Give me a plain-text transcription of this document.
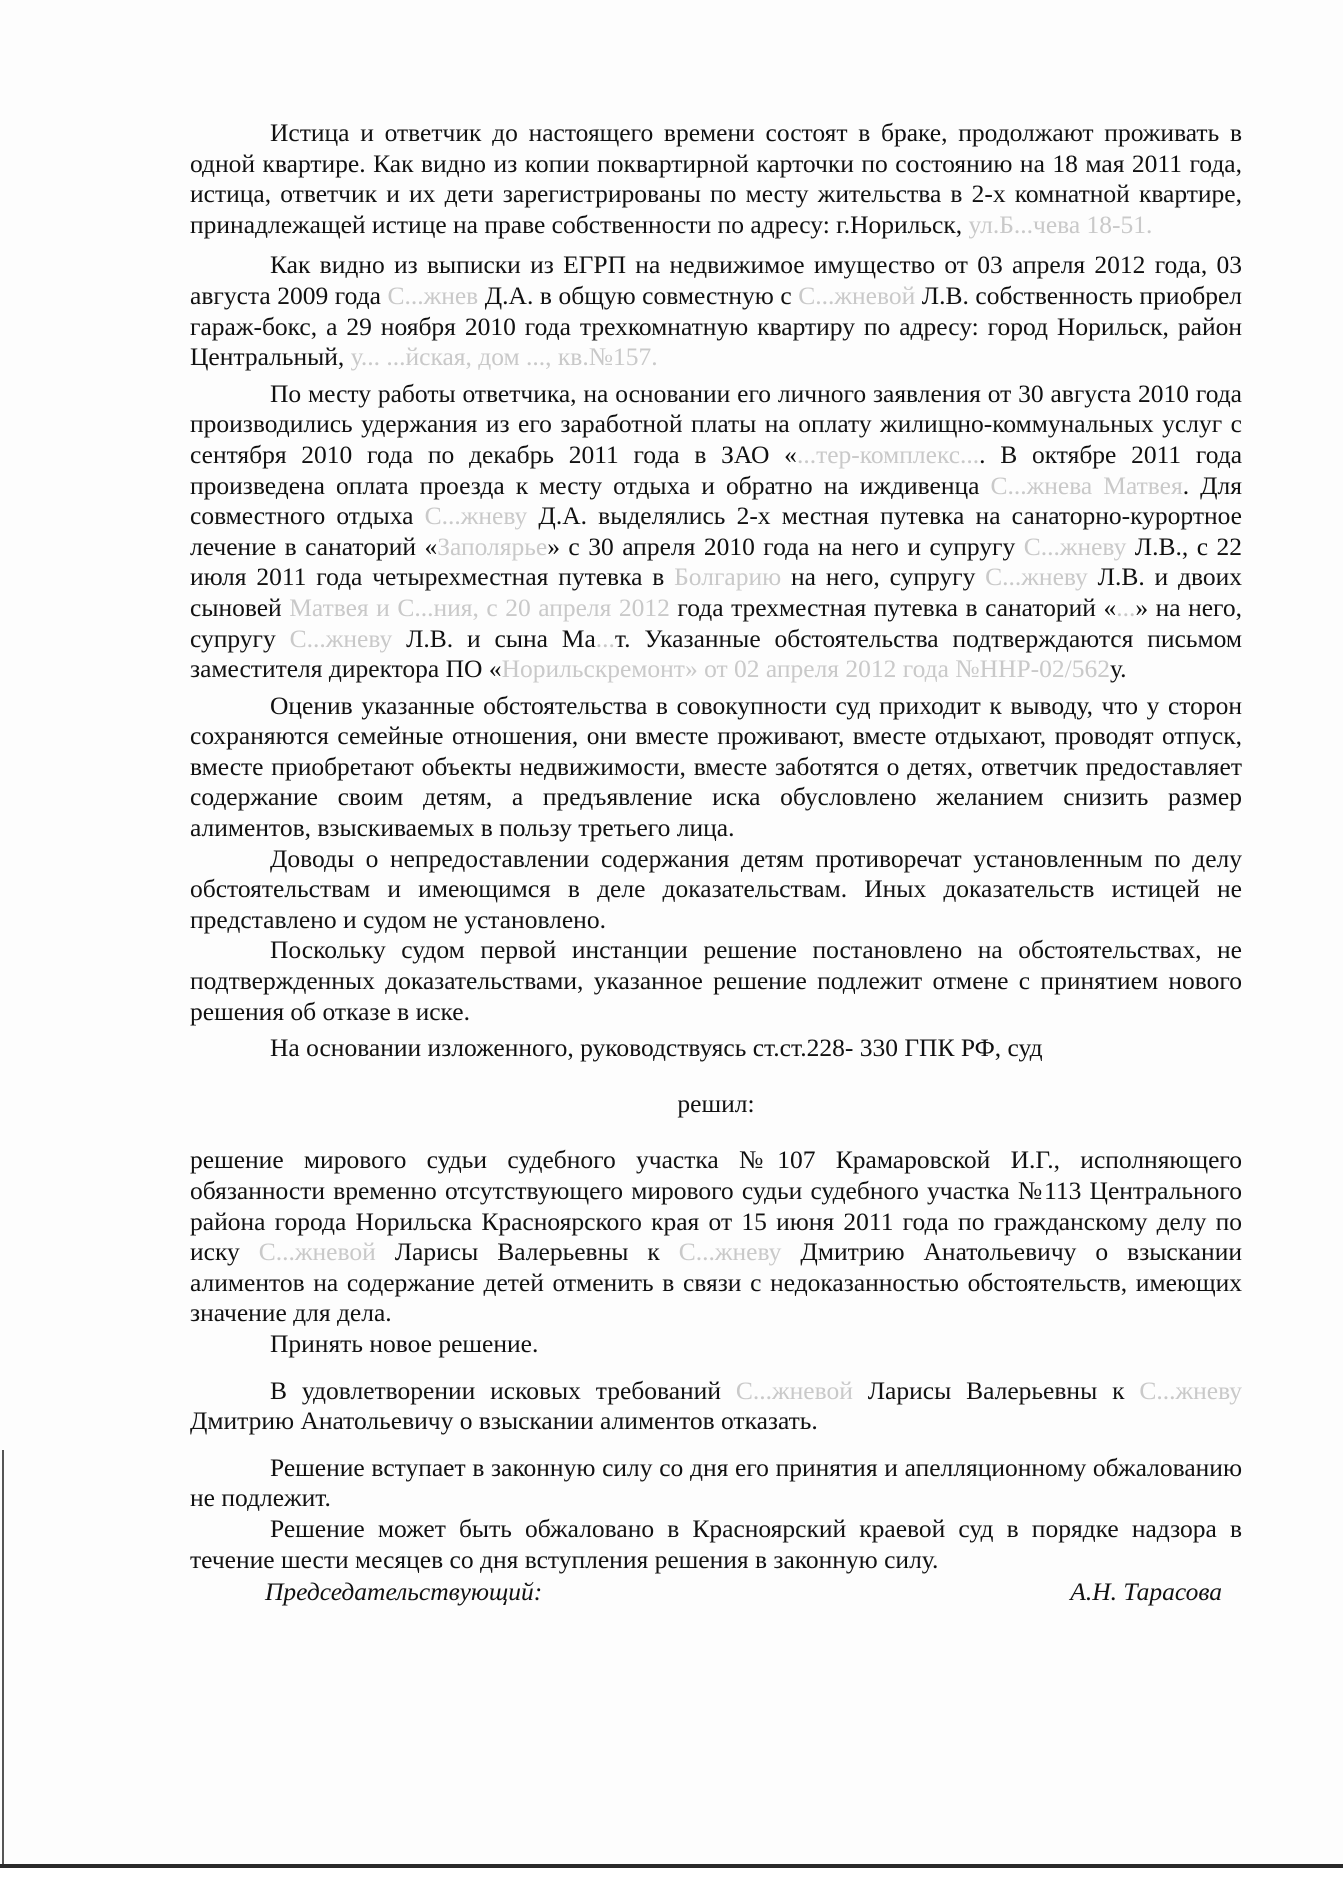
Истица и ответчик до настоящего времени состоят в браке, продолжают проживать в одной квартире. Как видно из копии поквартирной карточки по состоянию на 18 мая 2011 года, истица, ответчик и их дети зарегистрированы по месту жительства в 2-х комнатной квартире, принадлежащей истице на праве собственности по адресу: г.Норильск, ул.Б...чева 18-51.

Как видно из выписки из ЕГРП на недвижимое имущество от 03 апреля 2012 года, 03 августа 2009 года С...жнев Д.А. в общую совместную с С...жневой Л.В. собственность приобрел гараж-бокс, а 29 ноября 2010 года трехкомнатную квартиру по адресу: город Норильск, район Центральный, у... ...йская, дом ..., кв.№157.

По месту работы ответчика, на основании его личного заявления от 30 августа 2010 года производились удержания из его заработной платы на оплату жилищно-коммунальных услуг с сентября 2010 года по декабрь 2011 года в ЗАО «...тер-комплекс.... В октябре 2011 года произведена оплата проезда к месту отдыха и обратно на иждивенца С...жнева Матвея. Для совместного отдыха С...жневу Д.А. выделялись 2-х местная путевка на санаторно-курортное лечение в санаторий «Заполярье» с 30 апреля 2010 года на него и супругу С...жневу Л.В., с 22 июля 2011 года четырехместная путевка в Болгарию на него, супругу С...жневу Л.В. и двоих сыновей Матвея и С...ния, с 20 апреля 2012 года трехместная путевка в санаторий «...» на него, супругу С...жневу Л.В. и сына Ма...т. Указанные обстоятельства подтверждаются письмом заместителя директора ПО «Норильскремонт» от 02 апреля 2012 года №ННР-02/562у.

Оценив указанные обстоятельства в совокупности суд приходит к выводу, что у сторон сохраняются семейные отношения, они вместе проживают, вместе отдыхают, проводят отпуск, вместе приобретают объекты недвижимости, вместе заботятся о детях, ответчик предоставляет содержание своим детям, а предъявление иска обусловлено желанием снизить размер алиментов, взыскиваемых в пользу третьего лица.

Доводы о непредоставлении содержания детям противоречат установленным по делу обстоятельствам и имеющимся в деле доказательствам. Иных доказательств истицей не представлено и судом не установлено.

Поскольку судом первой инстанции решение постановлено на обстоятельствах, не подтвержденных доказательствами, указанное решение подлежит отмене с принятием нового решения об отказе в иске.

На основании изложенного, руководствуясь ст.ст.228- 330 ГПК РФ, суд

решил:

решение мирового судьи судебного участка №107 Крамаровской И.Г., исполняющего обязанности временно отсутствующего мирового судьи судебного участка №113 Центрального района города Норильска Красноярского края от 15 июня 2011 года по гражданскому делу по иску С...жневой Ларисы Валерьевны к С...жневу Дмитрию Анатольевичу о взыскании алиментов на содержание детей отменить в связи с недоказанностью обстоятельств, имеющих значение для дела.

Принять новое решение.

В удовлетворении исковых требований С...жневой Ларисы Валерьевны к С...жневу Дмитрию Анатольевичу о взыскании алиментов отказать.

Решение вступает в законную силу со дня его принятия и апелляционному обжалованию не подлежит.

Решение может быть обжаловано в Красноярский краевой суд в порядке надзора в течение шести месяцев со дня вступления решения в законную силу.

Председательствующий:	А.Н. Тарасова
